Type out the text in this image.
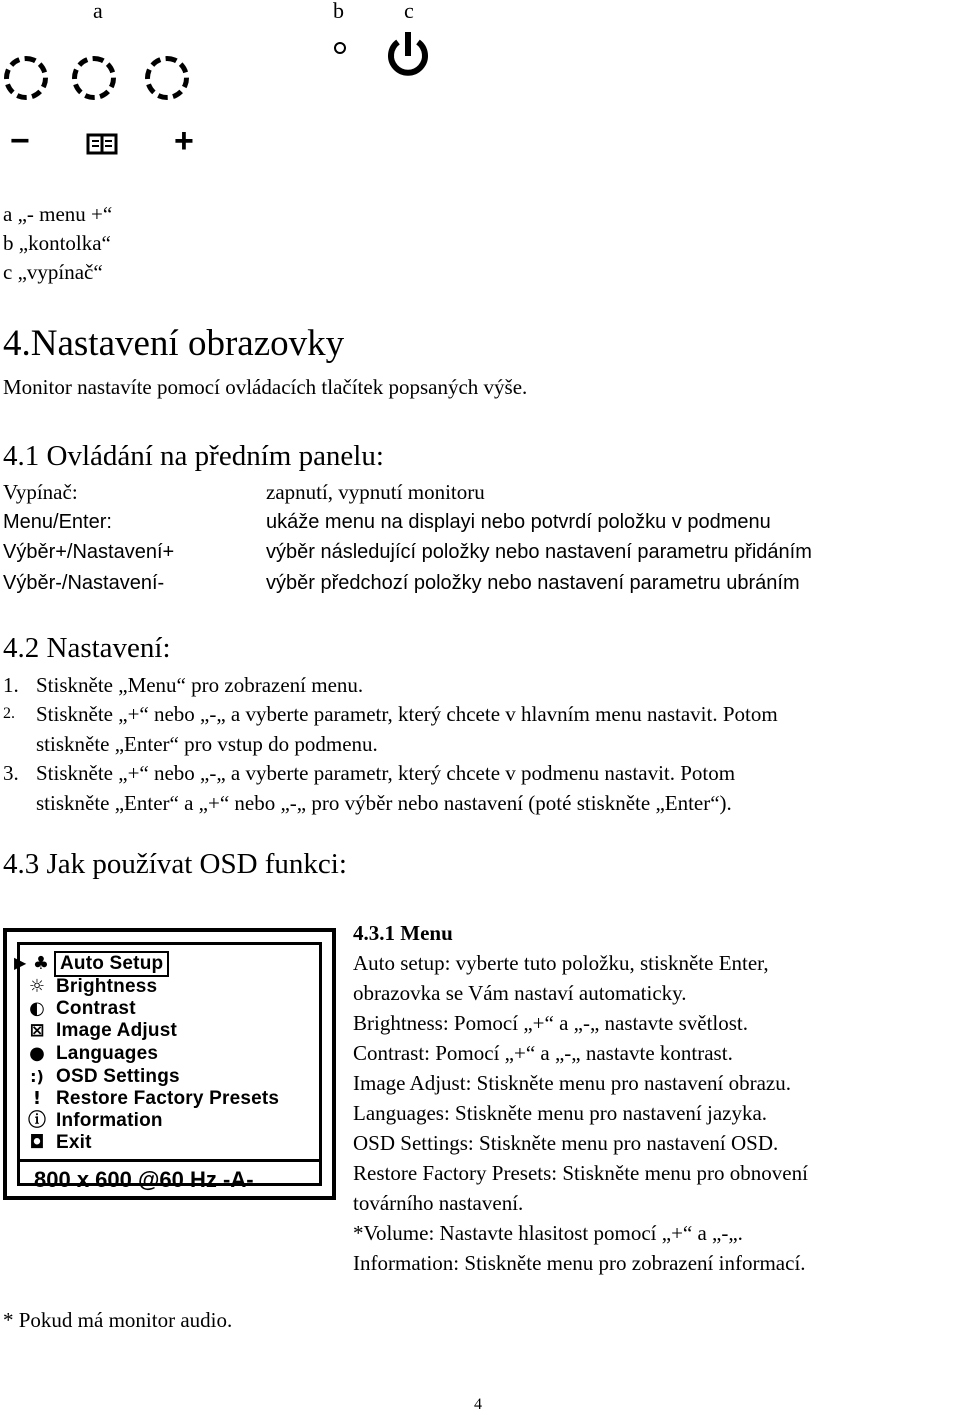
a	b	c
−	+
a „- menu +“
b „kontolka“
c „vypínač“
4.Nastavení obrazovky
Monitor nastavíte pomocí ovládacích tlačítek popsaných výše.
4.1 Ovládání na předním panelu:
Vypínač:	zapnutí, vypnutí monitoru
Menu/Enter:	ukáže menu na displayi nebo potvrdí položku v podmenu
Výběr+/Nastavení+	výběr následující položky nebo nastavení parametru přidáním
Výběr-/Nastavení-	výběr předchozí položky nebo nastavení parametru ubráním
4.2 Nastavení:
1. Stiskněte „Menu“ pro zobrazení menu.
2. Stiskněte „+“ nebo „-„ a vyberte parametr, který chcete v hlavním menu nastavit. Potom
stiskněte „Enter“ pro vstup do podmenu.
3. Stiskněte „+“ nebo „-„ a vyberte parametr, který chcete v podmenu nastavit. Potom
stiskněte „Enter“ a „+“ nebo „-„ pro výběr nebo nastavení (poté stiskněte „Enter“).
4.3 Jak používat OSD funkci:
▶ ♣ Auto Setup
☼ Brightness
◐ Contrast
⊠ Image Adjust
● Languages
:) OSD Settings
! Restore Factory Presets
ⓘ Information
◘ Exit
800 x 600 @60 Hz -A-
4.3.1 Menu
Auto setup: vyberte tuto položku, stiskněte Enter,
obrazovka se Vám nastaví automaticky.
Brightness: Pomocí „+“ a „-„ nastavte světlost.
Contrast: Pomocí „+“ a „-„ nastavte kontrast.
Image Adjust: Stiskněte menu pro nastavení obrazu.
Languages: Stiskněte menu pro nastavení jazyka.
OSD Settings: Stiskněte menu pro nastavení OSD.
Restore Factory Presets: Stiskněte menu pro obnovení
továrního nastavení.
*Volume: Nastavte hlasitost pomocí „+“ a „-„.
Information: Stiskněte menu pro zobrazení informací.
* Pokud má monitor audio.
4
